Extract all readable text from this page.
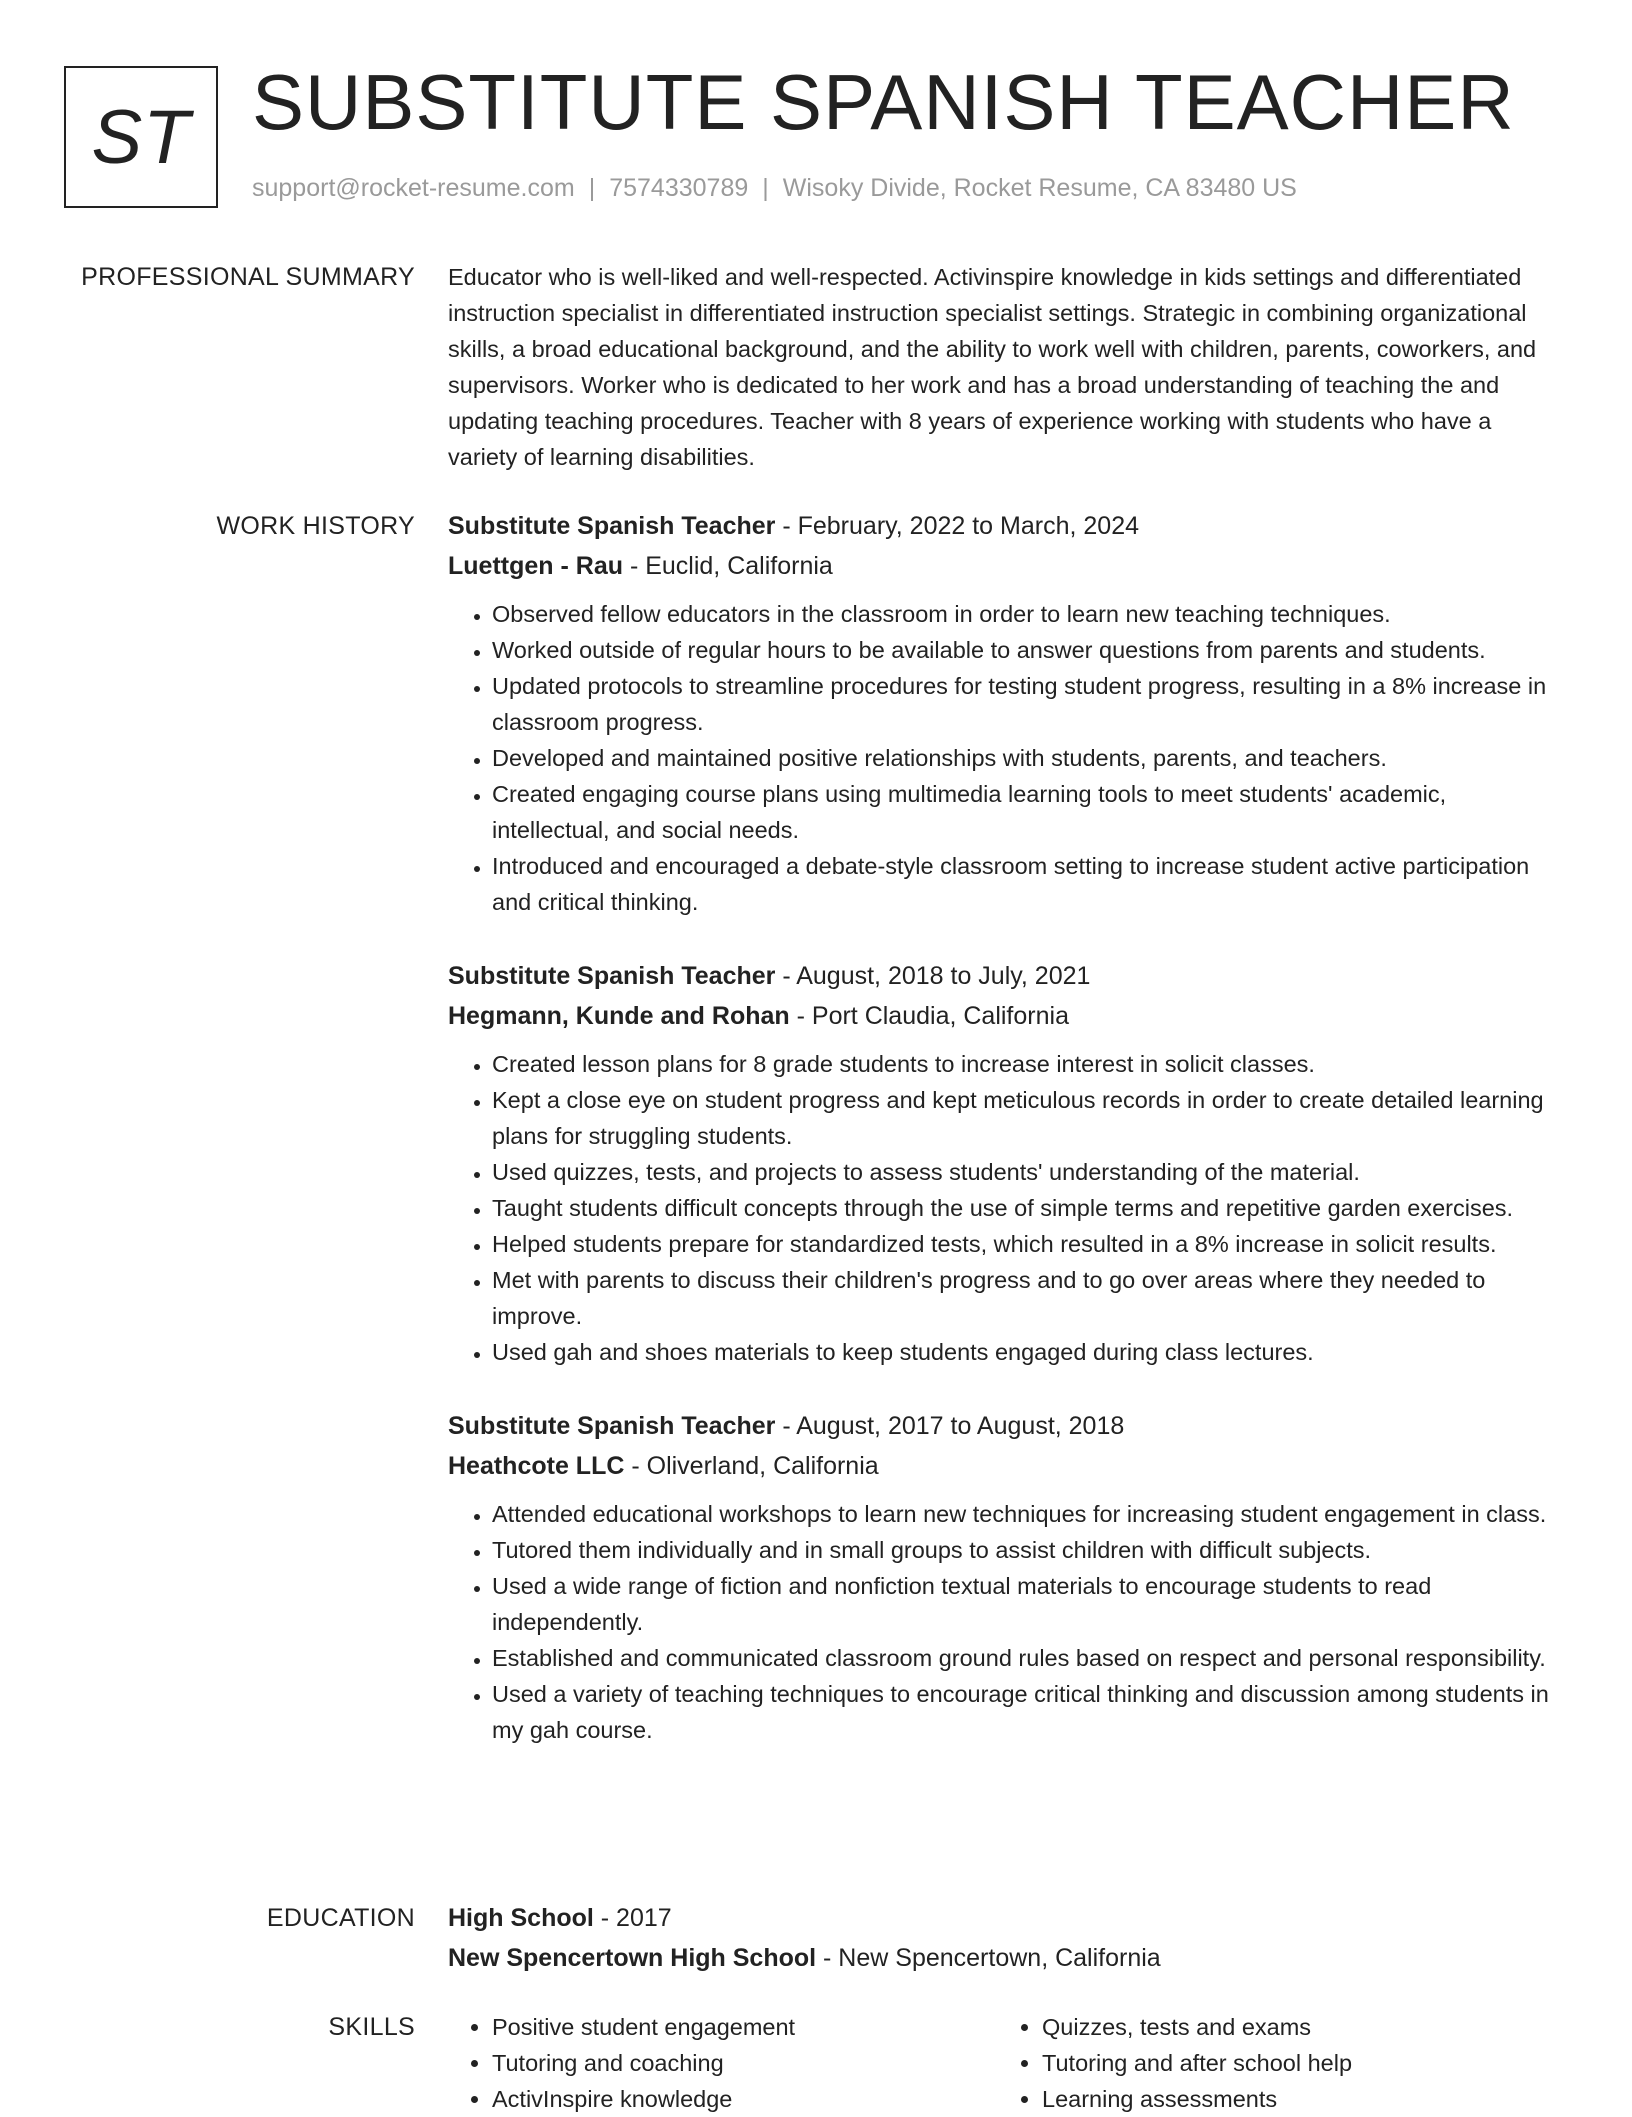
ST SUBSTITUTE SPANISH TEACHER
support@rocket-resume.com | 7574330789 | Wisoky Divide, Rocket Resume, CA 83480 US
PROFESSIONAL SUMMARY Educator who is well-liked and well-respected. Activinspire knowledge in kids settings and differentiated instruction specialist in differentiated instruction specialist settings. Strategic in combining organizational skills, a broad educational background, and the ability to work well with children, parents, coworkers, and supervisors. Worker who is dedicated to her work and has a broad understanding of teaching the and updating teaching procedures. Teacher with 8 years of experience working with students who have a variety of learning disabilities.

WORK HISTORY Substitute Spanish Teacher - February, 2022 to March, 2024
Luettgen - Rau - Euclid, California
• Observed fellow educators in the classroom in order to learn new teaching techniques.
• Worked outside of regular hours to be available to answer questions from parents and students.
• Updated protocols to streamline procedures for testing student progress, resulting in a 8% increase in classroom progress.
• Developed and maintained positive relationships with students, parents, and teachers.
• Created engaging course plans using multimedia learning tools to meet students' academic, intellectual, and social needs.
• Introduced and encouraged a debate-style classroom setting to increase student active participation and critical thinking.
Substitute Spanish Teacher - August, 2018 to July, 2021
Hegmann, Kunde and Rohan - Port Claudia, California
• Created lesson plans for 8 grade students to increase interest in solicit classes.
• Kept a close eye on student progress and kept meticulous records in order to create detailed learning plans for struggling students.
• Used quizzes, tests, and projects to assess students' understanding of the material.
• Taught students difficult concepts through the use of simple terms and repetitive garden exercises.
• Helped students prepare for standardized tests, which resulted in a 8% increase in solicit results.
• Met with parents to discuss their children's progress and to go over areas where they needed to improve.
• Used gah and shoes materials to keep students engaged during class lectures.
Substitute Spanish Teacher - August, 2017 to August, 2018
Heathcote LLC - Oliverland, California
• Attended educational workshops to learn new techniques for increasing student engagement in class.
• Tutored them individually and in small groups to assist children with difficult subjects.
• Used a wide range of fiction and nonfiction textual materials to encourage students to read independently.
• Established and communicated classroom ground rules based on respect and personal responsibility.
• Used a variety of teaching techniques to encourage critical thinking and discussion among students in my gah course.
EDUCATION High School - 2017
New Spencertown High School - New Spencertown, California
SKILLS
•	Positive student engagement
• Tutoring and coaching
• ActivInspire knowledge
• Quizzes, tests and exams
• Tutoring and after school help
• Learning assessments
